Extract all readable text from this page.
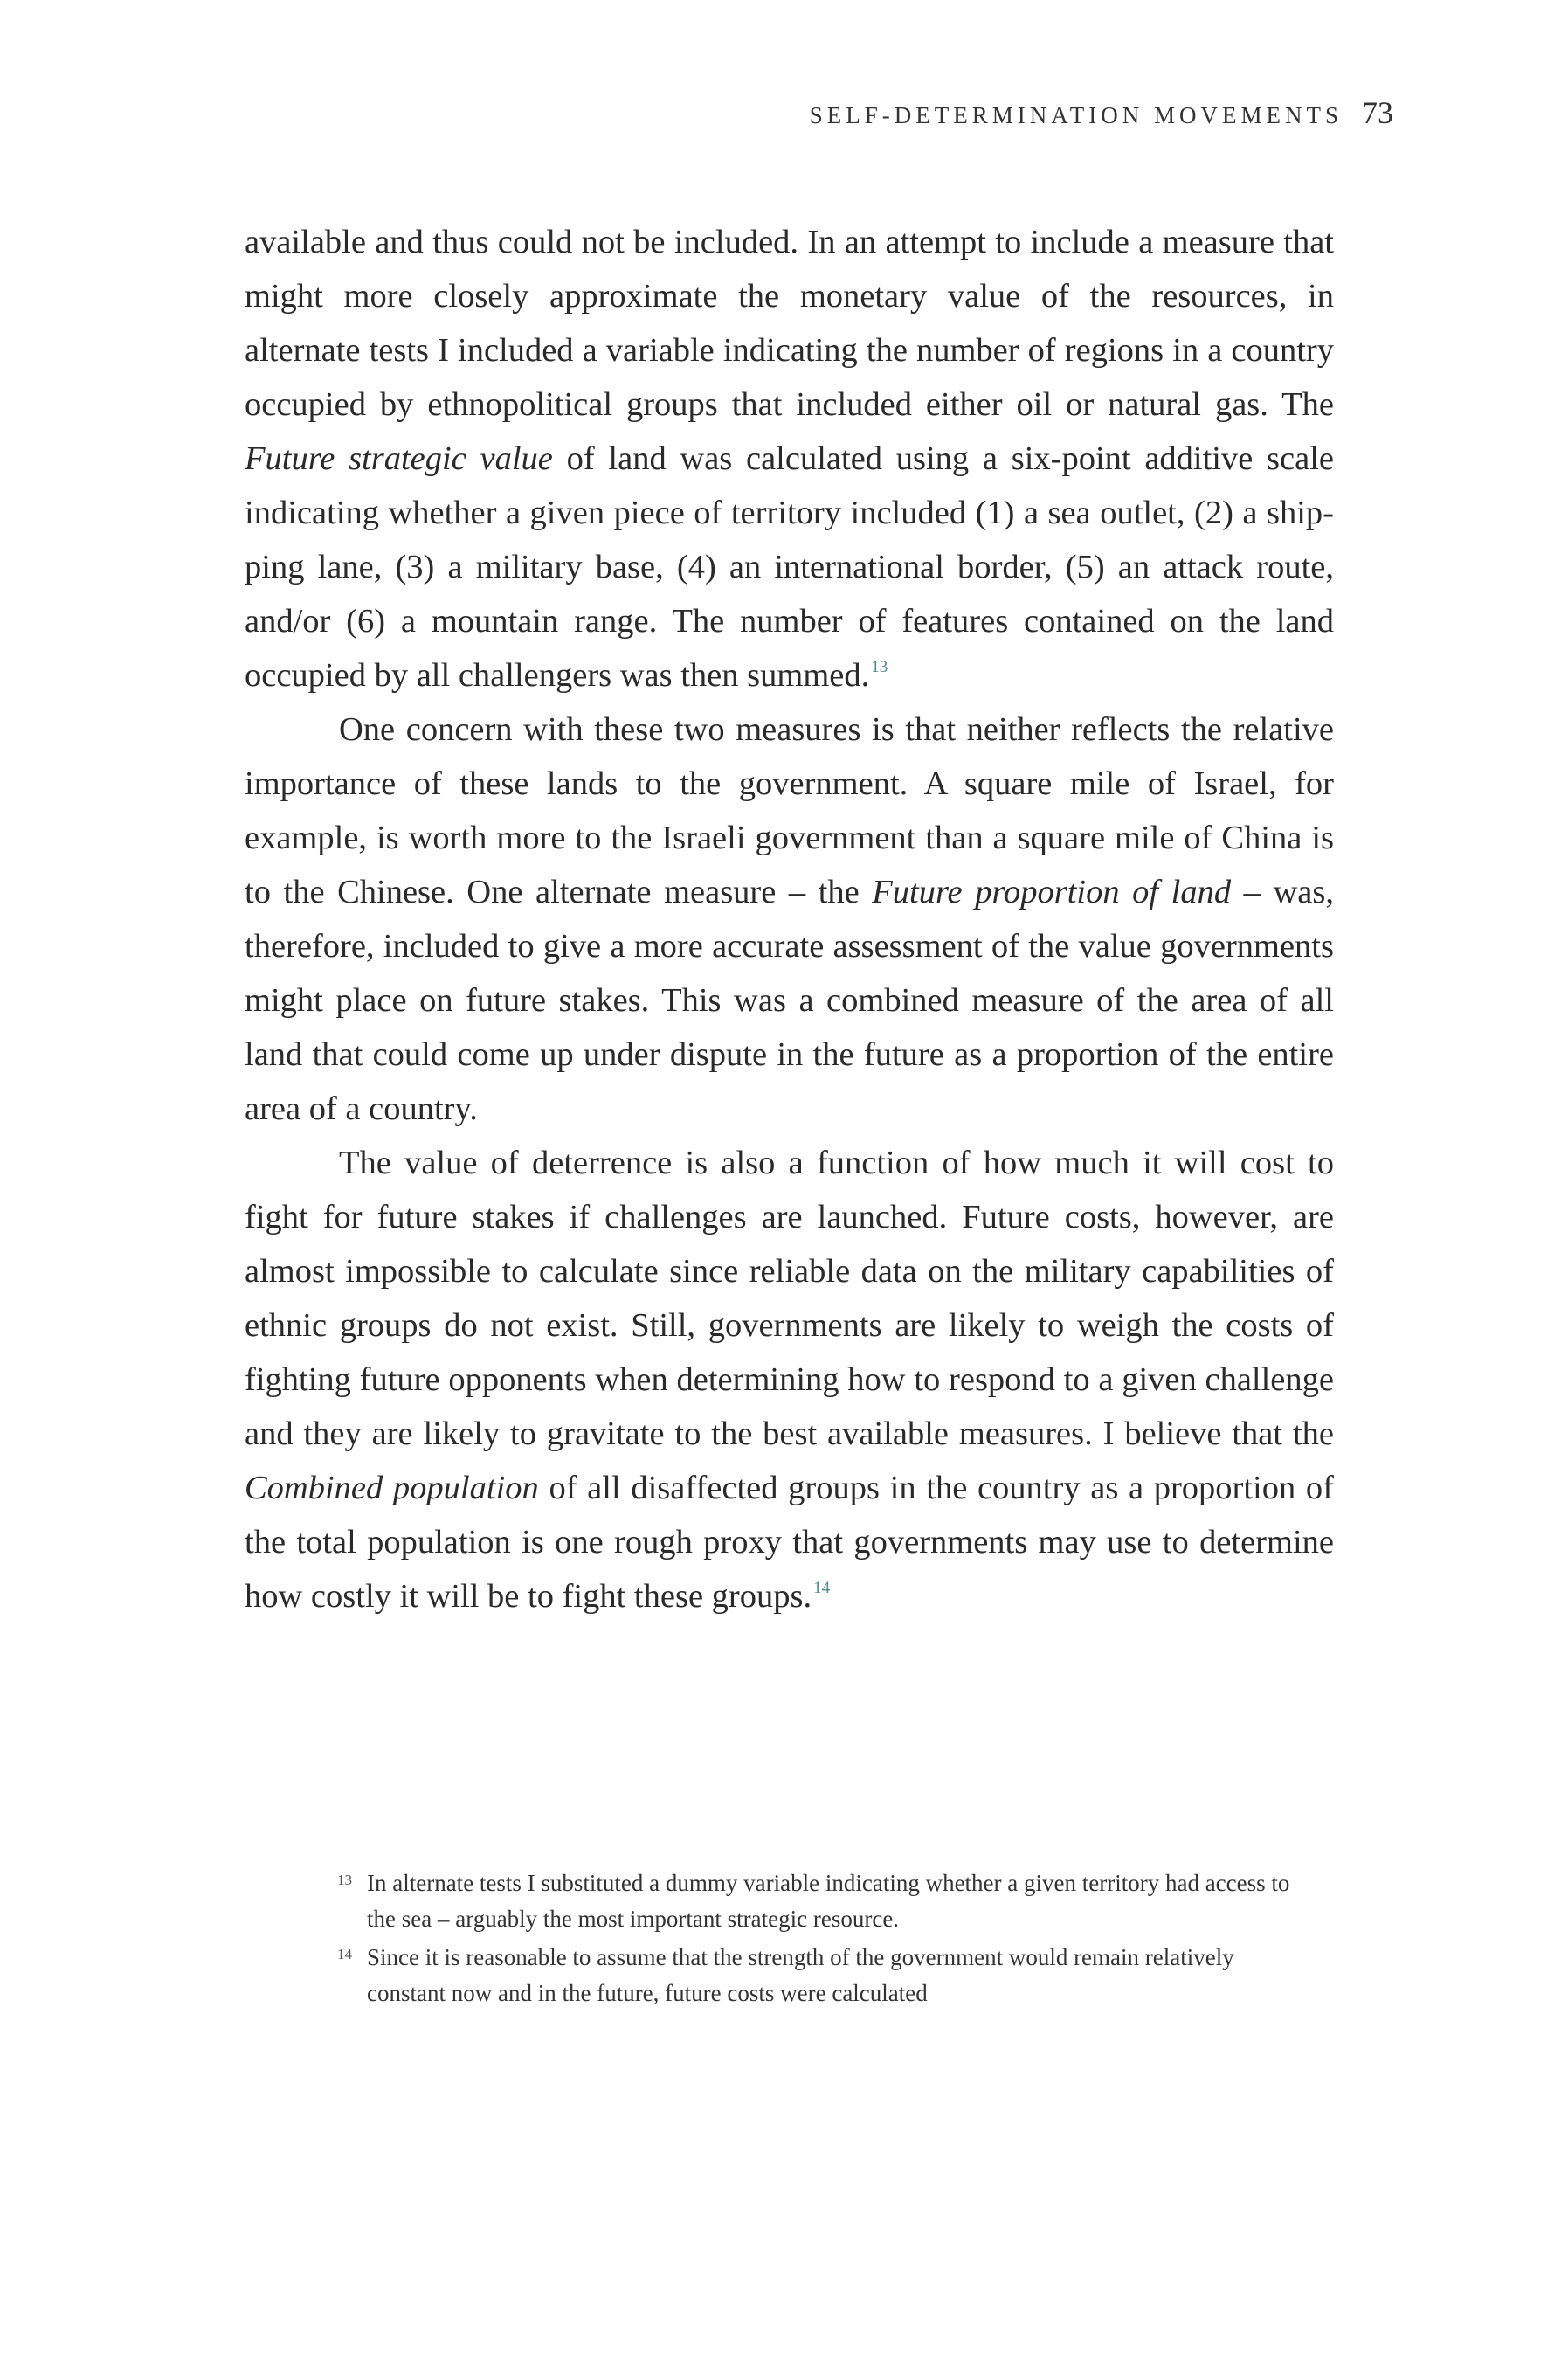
SELF-DETERMINATION MOVEMENTS 73

available and thus could not be included. In an attempt to include a measure that might more closely approximate the monetary value of the resources, in alternate tests I included a variable indicating the number of regions in a country occupied by ethnopolitical groups that included either oil or natural gas. The Future strategic value of land was calculated using a six-point additive scale indicating whether a given piece of territory included (1) a sea outlet, (2) a shipping lane, (3) a military base, (4) an international border, (5) an attack route, and/or (6) a mountain range. The number of features contained on the land occupied by all challengers was then summed. $^{13}$

One concern with these two measures is that neither reflects the relative importance of these lands to the government. A square mile of Israel, for example, is worth more to the Israeli government than a square mile of China is to the Chinese. One alternate measure – the Future proportion of land – was, therefore, included to give a more accurate assessment of the value governments might place on future stakes. This was a combined measure of the area of all land that could come up under dispute in the future as a proportion of the entire area of a country.

The value of deterrence is also a function of how much it will cost to fight for future stakes if challenges are launched. Future costs, however, are almost impossible to calculate since reliable data on the military capabilities of ethnic groups do not exist. Still, governments are likely to weigh the costs of fighting future opponents when determining how to respond to a given challenge and they are likely to gravitate to the best available measures. I believe that the Combined population of all disaffected groups in the country as a proportion of the total population is one rough proxy that governments may use to determine how costly it will be to fight these groups. $^{14}$

13 In alternate tests I substituted a dummy variable indicating whether a given territory had access to the sea – arguably the most important strategic resource.
14 Since it is reasonable to assume that the strength of the government would remain relatively constant now and in the future, future costs were calculated
